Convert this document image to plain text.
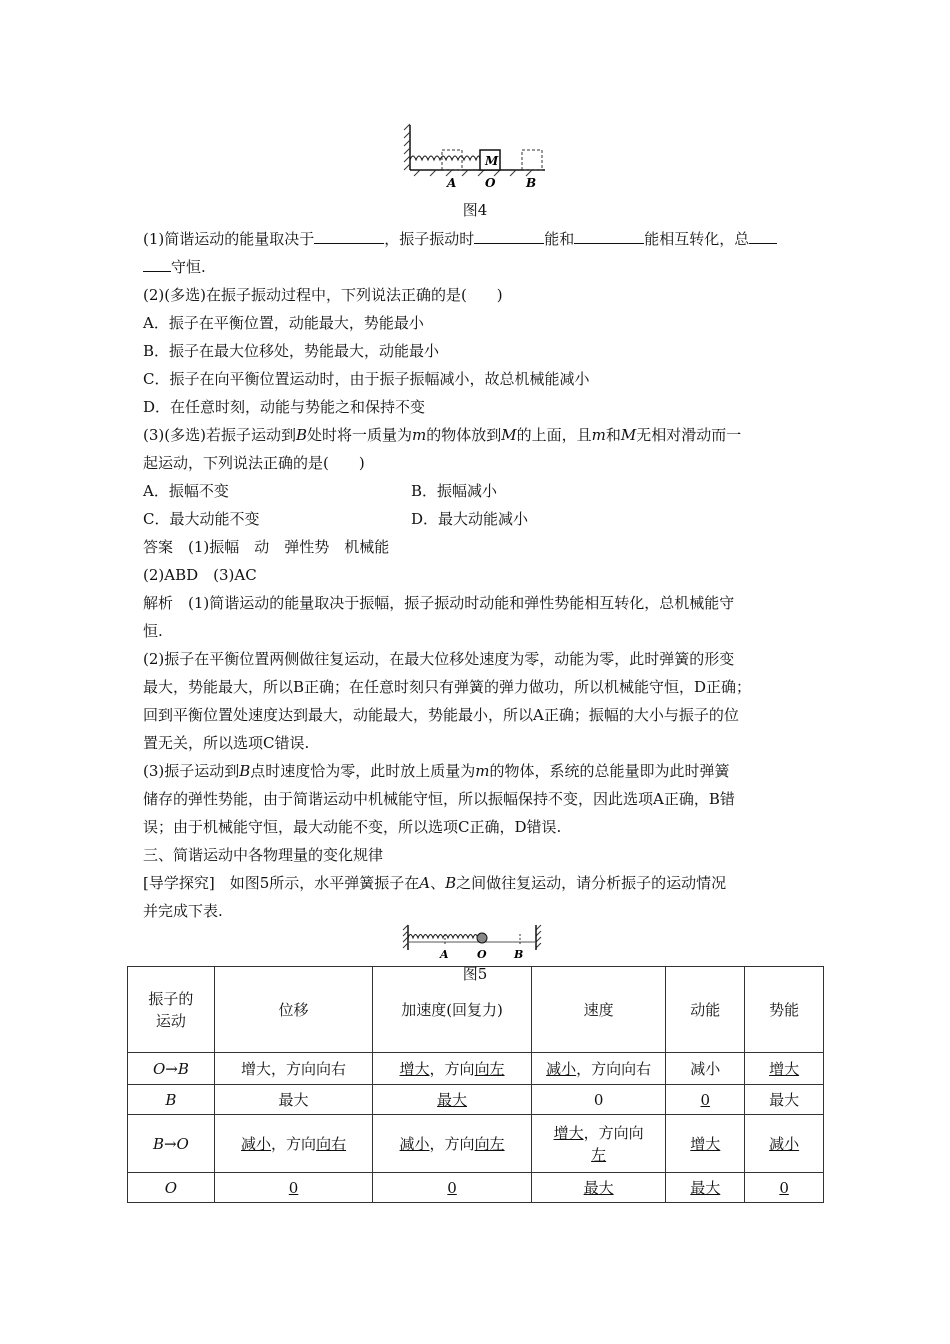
M
A O	B
图4
(1)简谐运动的能量取决于	，振子振动时	能和	能相互转化，总
守恒.
(2)(多选)在振子振动过程中，下列说法正确的是(　　)
A．振子在平衡位置，动能最大，势能最小
B．振子在最大位移处，势能最大，动能最小
C．振子在向平衡位置运动时，由于振子振幅减小，故总机械能减小
D．在任意时刻，动能与势能之和保持不变
(3)(多选)若振子运动到B处时将一质量为m的物体放到M的上面，且m和M无相对滑动而一
起运动，下列说法正确的是(　　)
A．振幅不变	B．振幅减小
C．最大动能不变	D．最大动能减小
答案　(1)振幅　动　弹性势　机械能
(2)ABD　(3)AC
解析　(1)简谐运动的能量取决于振幅，振子振动时动能和弹性势能相互转化，总机械能守
恒.
(2)振子在平衡位置两侧做往复运动，在最大位移处速度为零，动能为零，此时弹簧的形变
最大，势能最大，所以B正确；在任意时刻只有弹簧的弹力做功，所以机械能守恒，D正确；
回到平衡位置处速度达到最大，动能最大，势能最小，所以A正确；振幅的大小与振子的位
置无关，所以选项C错误.
(3)振子运动到B点时速度恰为零，此时放上质量为m的物体，系统的总能量即为此时弹簧
储存的弹性势能，由于简谐运动中机械能守恒，所以振幅保持不变，因此选项A正确，B错
误；由于机械能守恒，最大动能不变，所以选项C正确，D错误.
三、简谐运动中各物理量的变化规律
[导学探究]　如图5所示，水平弹簧振子在A、B之间做往复运动，请分析振子的运动情况
并完成下表.
A	O B
图5
振子的
运动	位移	加速度(回复力)	速度	动能	势能
O→B	增大，方向向右	增大，方向向左	减小，方向向右	减小	增大
B	最大	最大	0	0	最大
B→O	减小，方向向右	减小，方向向左	增大，方向向
左	增大	减小
O	0	0	最大	最大	0
